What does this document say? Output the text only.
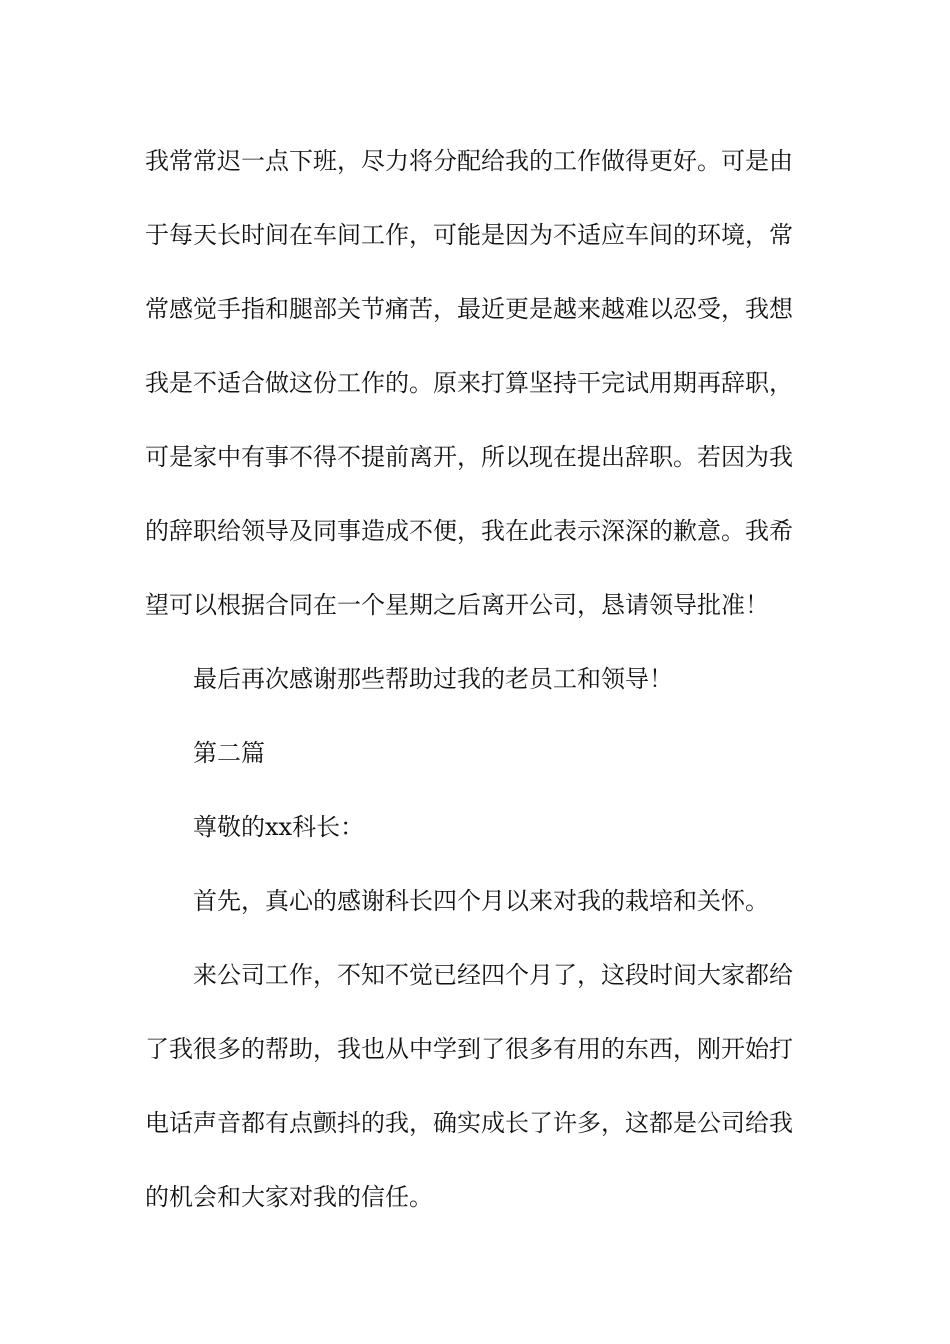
我常常迟一点下班，尽力将分配给我的工作做得更好。可是由
于每天长时间在车间工作，可能是因为不适应车间的环境，常
常感觉手指和腿部关节痛苦，最近更是越来越难以忍受，我想
我是不适合做这份工作的。原来打算坚持干完试用期再辞职，
可是家中有事不得不提前离开，所以现在提出辞职。若因为我
的辞职给领导及同事造成不便，我在此表示深深的歉意。我希
望可以根据合同在一个星期之后离开公司，恳请领导批准！
最后再次感谢那些帮助过我的老员工和领导！
第二篇
尊敬的xx科长：
首先，真心的感谢科长四个月以来对我的栽培和关怀。
来公司工作，不知不觉已经四个月了，这段时间大家都给
了我很多的帮助，我也从中学到了很多有用的东西，刚开始打
电话声音都有点颤抖的我，确实成长了许多，这都是公司给我
的机会和大家对我的信任。
